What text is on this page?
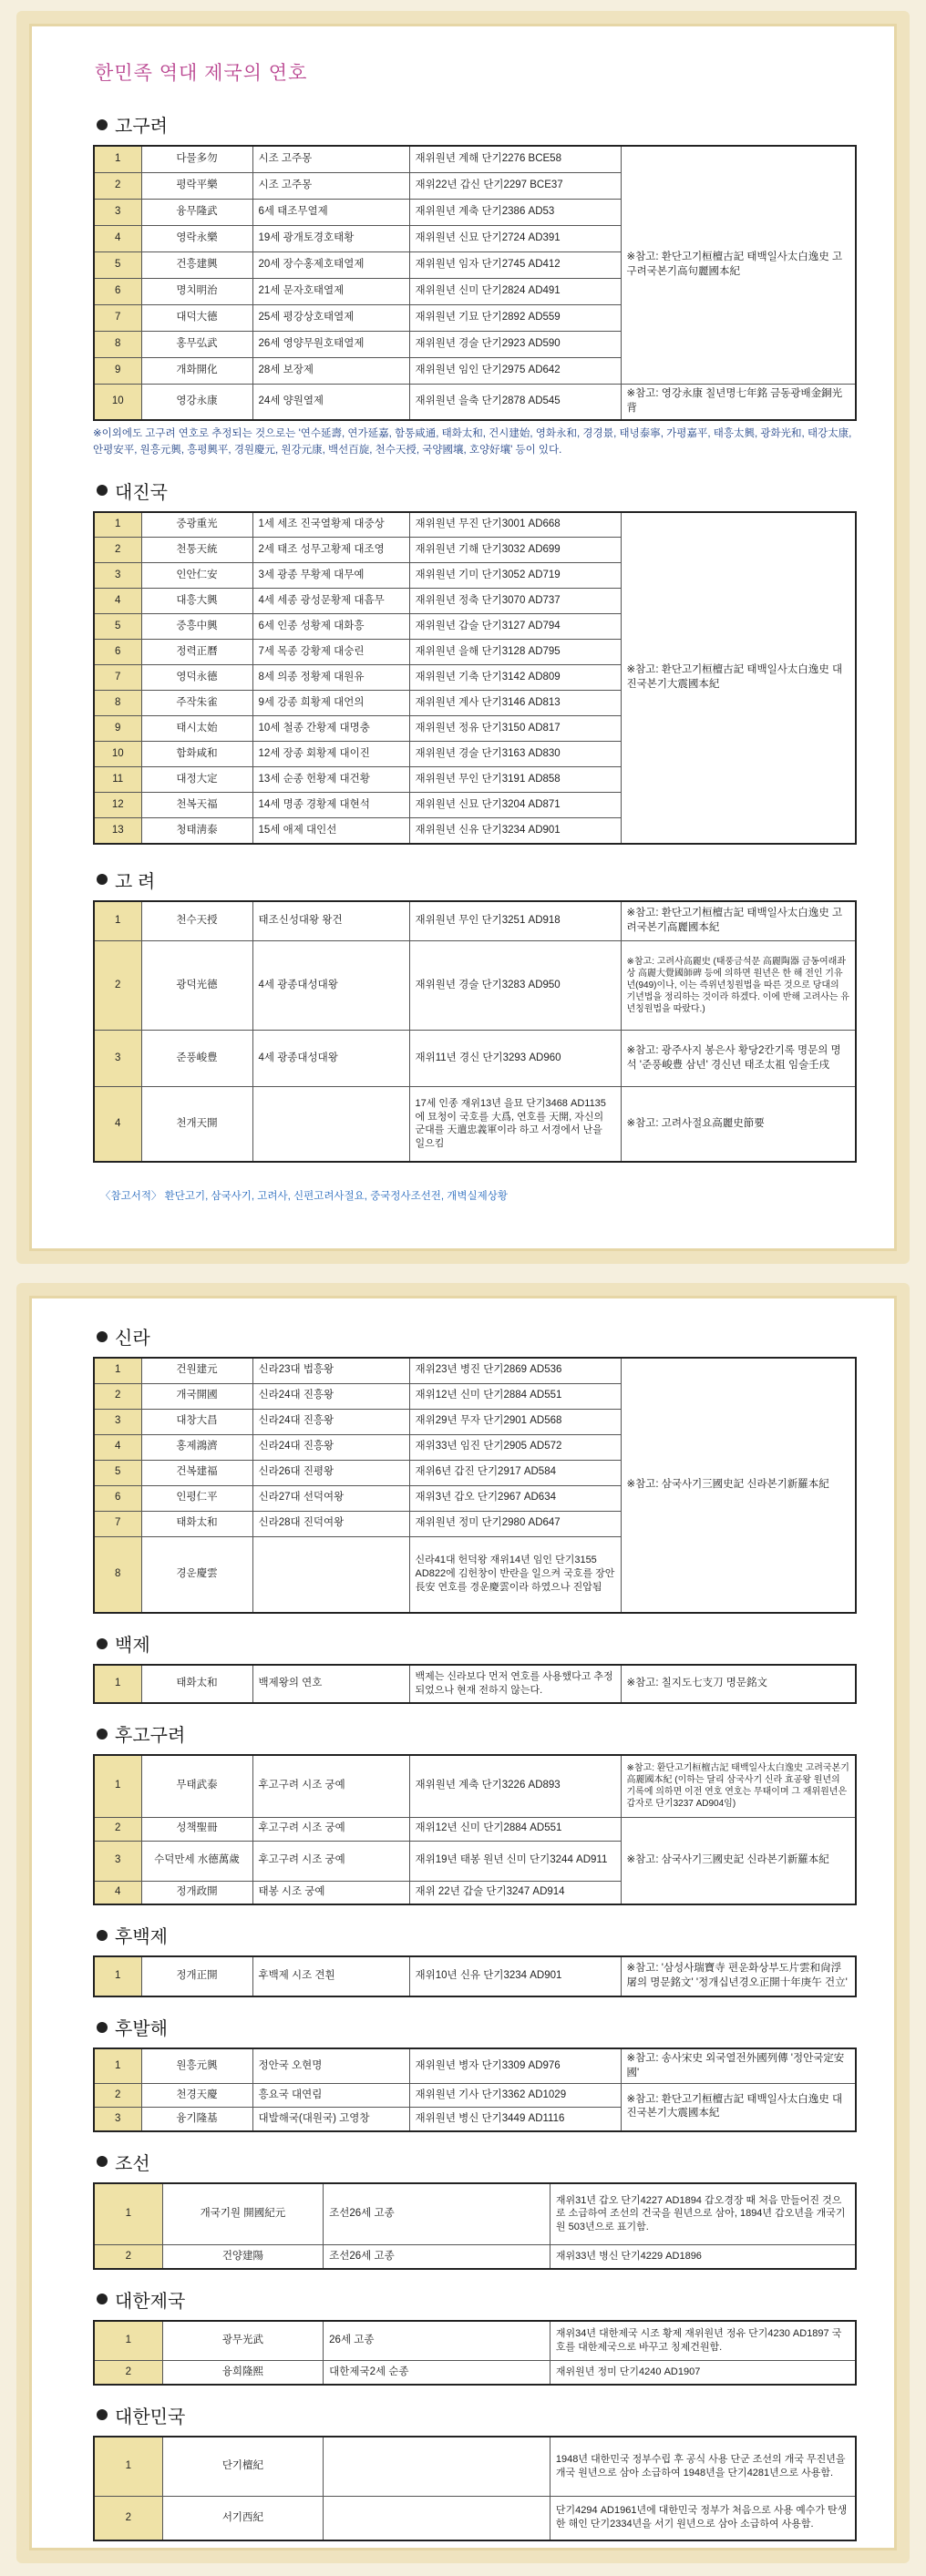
한민족 역대 제국의 연호
고구려
1	다물多勿	시조 고주몽	재위원년 계해 단기2276 BCE58	※참고: 환단고기桓檀古記 태백일사太白逸史 고구려국본기高句麗國本紀
2	평락平樂	시조 고주몽	재위22년 갑신 단기2297 BCE37	
3	융무隆武	6세 태조무열제	재위원년 계축 단기2386 AD53	
4	영락永樂	19세 광개토경호태황	재위원년 신묘 단기2724 AD391	
5	건흥建興	20세 장수홍제호태열제	재위원년 임자 단기2745 AD412	
6	명치明治	21세 문자호태열제	재위원년 신미 단기2824 AD491	
7	대덕大德	25세 평강상호태열제	재위원년 기묘 단기2892 AD559	
8	홍무弘武	26세 영양무원호태열제	재위원년 경술 단기2923 AD590	
9	개화開化	28세 보장제	재위원년 임인 단기2975 AD642	
10	영강永康	24세 양원열제	재위원년 을축 단기2878 AD545	※참고: 영강永康 칠년명七年銘 금동광배金銅光背
※이외에도 고구려 연호로 추정되는 것으로는 '연수延壽, 연가延嘉, 함통咸通, 태화太和, 건시建始, 영화永和, 경경景, 태녕泰寧, 가평嘉平, 태흥太興, 광화光和, 태강太康, 안평安平, 원흥元興, 흥평興平, 경원慶元, 원강元康, 백선百旋, 천수天授, 국양國壤, 호양好壤' 등이 있다.
대진국
1	중광重光	1세 세조 진국열황제 대중상	재위원년 무진 단기3001 AD668	※참고: 환단고기桓檀古記 태백일사太白逸史 대진국본기大震國本紀
2	천통天統	2세 태조 성무고황제 대조영	재위원년 기해 단기3032 AD699	
3	인안仁安	3세 광종 무황제 대무예	재위원년 기미 단기3052 AD719	
4	대흥大興	4세 세종 광성문황제 대흠무	재위원년 정축 단기3070 AD737	
5	중흥中興	6세 인종 성황제 대화흥	재위원년 갑술 단기3127 AD794	
6	정력正曆	7세 목종 강황제 대숭린	재위원년 을해 단기3128 AD795	
7	영덕永德	8세 의종 정황제 대원유	재위원년 기축 단기3142 AD809	
8	주작朱雀	9세 강종 희황제 대언의	재위원년 계사 단기3146 AD813	
9	태시太始	10세 철종 간황제 대명충	재위원년 정유 단기3150 AD817	
10	함화咸和	12세 장종 회황제 대이진	재위원년 경술 단기3163 AD830	
11	대정大定	13세 순종 헌황제 대건황	재위원년 무인 단기3191 AD858	
12	천복天福	14세 명종 경황제 대현석	재위원년 신묘 단기3204 AD871	
13	청태淸泰	15세 애제 대인선	재위원년 신유 단기3234 AD901	
고 려
1	천수天授	태조신성대왕 왕건	재위원년 무인 단기3251 AD918	※참고: 환단고기桓檀古記 태백일사太白逸史 고려국본기高麗國本紀
2	광덕光德	4세 광종대성대왕	재위원년 경술 단기3283 AD950	※참고: 고려사高麗史 (태풍금석문 高麗陶器 금동여래좌상 高麗大覺國師碑 등에 의하면 원년은 한 해 전인 기유년(949)이나, 이는 즉위년칭원법을 따른 것으로 당대의 기년법을 정리하는 것이라 하겠다. 이에 반해 고려사는 유년칭원법을 따랐다.)
3	준풍峻豊	4세 광종대성대왕	재위11년 경신 단기3293 AD960	※참고: 광주사지 봉은사 황당2칸기록 명문의 명석 '준풍峻豊 삼년' 경신년 태조太祖 임술壬戌
4	천개天開		17세 인종 재위13년 을묘 단기3468 AD1135에 묘청이 국호를 大爲, 연호를 天開, 자신의 군대를 天遣忠義軍이라 하고 서경에서 난을 일으킴	※참고: 고려사절요高麗史節要
〈참고서적〉 환단고기, 삼국사기, 고려사, 신편고려사절요, 중국정사조선전, 개벽실제상황
신라
1	건원建元	신라23대 법흥왕	재위23년 병진 단기2869 AD536	※참고: 삼국사기三國史記 신라본기新羅本紀
2	개국開國	신라24대 진흥왕	재위12년 신미 단기2884 AD551	
3	대창大昌	신라24대 진흥왕	재위29년 무자 단기2901 AD568	
4	홍제鴻濟	신라24대 진흥왕	재위33년 임진 단기2905 AD572	
5	건복建福	신라26대 진평왕	재위6년 갑진 단기2917 AD584	
6	인평仁平	신라27대 선덕여왕	재위3년 갑오 단기2967 AD634	
7	태화太和	신라28대 진덕여왕	재위원년 정미 단기2980 AD647	
8	경운慶雲		신라41대 헌덕왕 재위14년 임인 단기3155 AD822에 김헌창이 반란을 일으켜 국호를 장안長安 연호를 경운慶雲이라 하였으나 진압됨	
백제
1	태화太和	백제왕의 연호	백제는 신라보다 먼저 연호를 사용했다고 추정되었으나 현재 전하지 않는다.	※참고: 칠지도七支刀 명문銘文
후고구려
1	무태武泰	후고구려 시조 궁예	재위원년 계축 단기3226 AD893	※참고: 환단고기桓檀古記 태백일사太白逸史 고려국본기高麗國本紀 (이하는 달리 삼국사기 신라 효공왕 원년의 기록에 의하면 이전 연호 연호는 무태이며 그 재위원년은 갑자로 단기3237 AD904임)
2	성책聖冊	후고구려 시조 궁예	재위12년 신미 단기2884 AD551	※참고: 삼국사기三國史記 신라본기新羅本紀
3	수덕만세 水德萬歲	후고구려 시조 궁예	재위19년 태봉 원년 신미 단기3244 AD911	
4	정개政開	태봉 시조 궁예	재위 22년 갑술 단기3247 AD914	
후백제
1	정개正開	후백제 시조 견훤	재위10년 신유 단기3234 AD901	※참고: '삼성사瑞寶寺 편운화상부도片雲和尙浮屠의 명문銘文' '정개십년경오正開十年庚午 건立'
후발해
1	원흥元興	정안국 오현명	재위원년 병자 단기3309 AD976	※참고: 송사宋史 외국열전外國列傳 '정안국定安國'
2	천경天慶	흥요국 대연림	재위원년 기사 단기3362 AD1029	※참고: 환단고기桓檀古記 태백일사太白逸史 대진국본기大震國本紀
3	융기隆基	대발해국(대원국) 고영창	재위원년 병신 단기3449 AD1116	
조선
1	개국기원 開國紀元	조선26세 고종	재위31년 갑오 단기4227 AD1894 갑오경장 때 처음 만들어진 것으로 소급하여 조선의 건국을 원년으로 삼아, 1894년 갑오년을 개국기원 503년으로 표기함.
2	건양建陽	조선26세 고종	재위33년 병신 단기4229 AD1896
대한제국
1	광무光武	26세 고종	재위34년 대한제국 시조 황제 재위원년 정유 단기4230 AD1897 국호를 대한제국으로 바꾸고 칭제건원함.
2	융희隆熙	대한제국2세 순종	재위원년 정미 단기4240 AD1907
대한민국
1	단기檀紀		1948년 대한민국 정부수립 후 공식 사용 단군 조선의 개국 무진년을 개국 원년으로 삼아 소급하여 1948년을 단기4281년으로 사용함.
2	서기西紀		단기4294 AD1961년에 대한민국 정부가 처음으로 사용 예수가 탄생한 해인 단기2334년을 서기 원년으로 삼아 소급하여 사용함.
